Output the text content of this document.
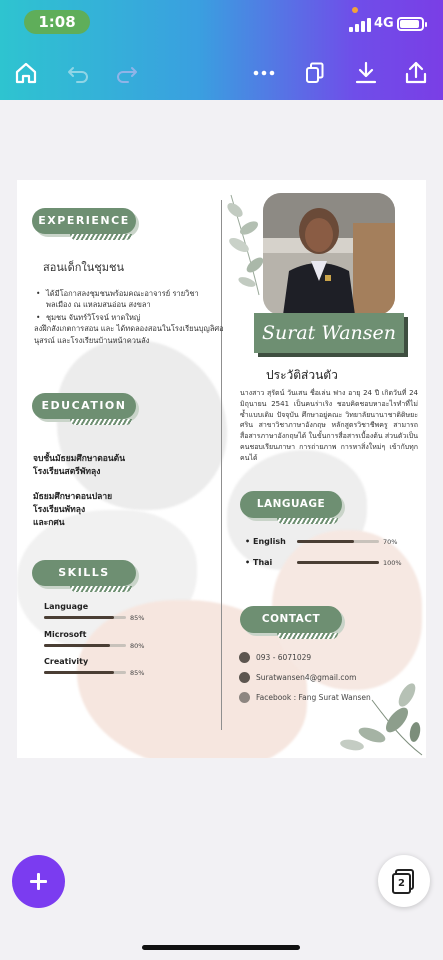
1:08	4G
EXPERIENCE
สอนเด็กในชุมชน
• ได้มีโอกาสลงชุมชนพร้อมคณะอาจารย์ รายวิชาพลเมือง ณ แหลมสนอ่อน สงขลา
• ชุมชน จันทร์วิโรจน์ หาดใหญ่
ลงฝึกสังเกตการสอน และ ได้ทดลองสอนในโรงเรียนบุญลิศอนุสรณ์ และโรงเรียนบ้านหน้าควนลัง
EDUCATION
จบชั้นมัธยมศึกษาตอนต้น
โรงเรียนสตรีพัทลุง
มัธยมศึกษาตอนปลาย
โรงเรียนพัทลุง
และกศน
SKILLS
Language
85%
Microsoft
80%
Creativity
85%
Surat Wansen
ประวัติส่วนตัว
นางสาว สุรัตน์ วันเสน ชื่อเล่น ฟาง อายุ 24 ปี เกิดวันที่ 24 มิถุนายน 2541 เป็นคนร่าเริง ชอบคิดชอบหาอะไรทำที่ไม่ซ้ำแบบเดิม ปัจจุบัน ศึกษาอยู่คณะ วิทยาลัยนานาชาติดิษยะศริน สาขาวิชาภาษาอังกฤษ หลักสูตรวิชาชีพครู สามารถสื่อสารภาษาอังกฤษได้ ในขั้นการสื่อสารเบื้องต้น ส่วนตัวเป็นคนชอบเรียนภาษา การถ่ายภาพ การหาสิ่งใหม่ๆ เข้ากับทุกคนได้
LANGUAGE
• English	70%
• Thai	100%
CONTACT
093 - 6071029
Suratwansen4@gmail.com
Facebook : Fang Surat Wansen
2
